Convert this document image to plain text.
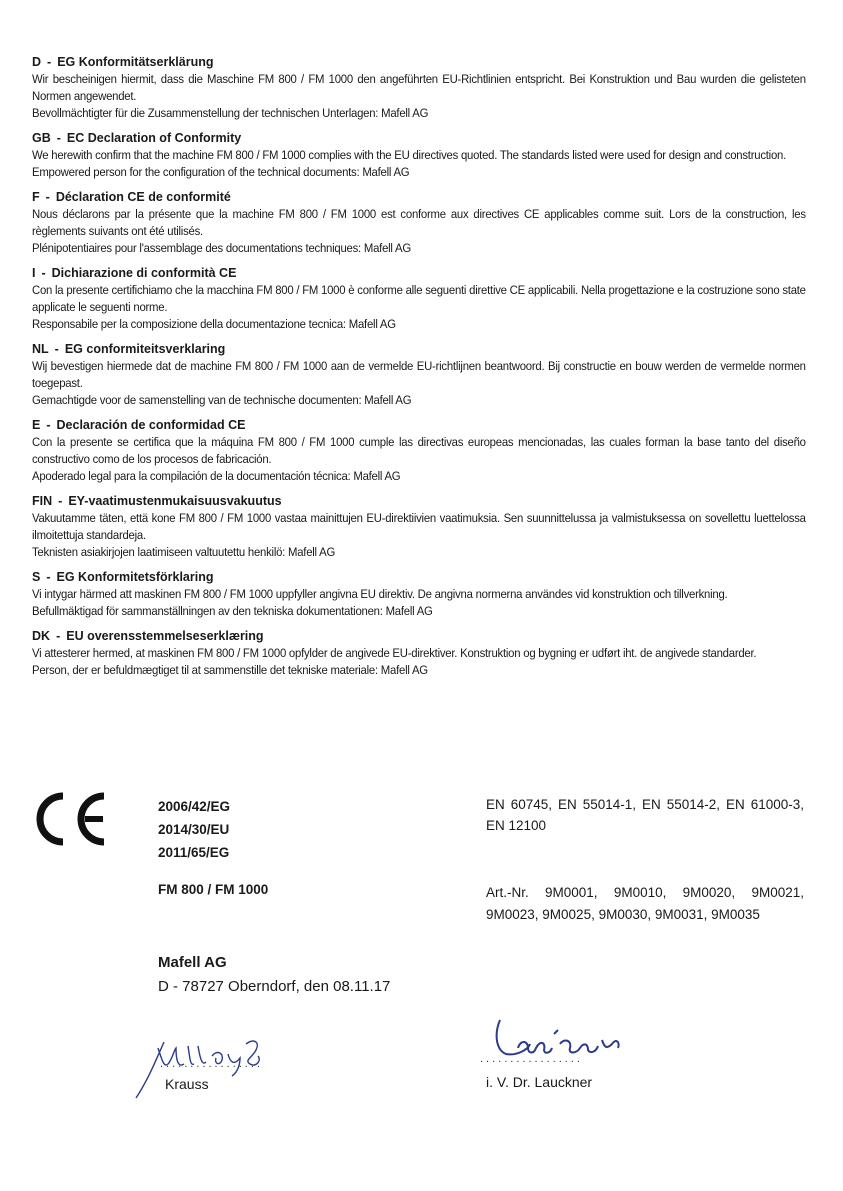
D - EG Konformitätserklärung

Wir bescheinigen hiermit, dass die Maschine FM 800 / FM 1000 den angeführten EU-Richtlinien entspricht. Bei Konstruktion und Bau wurden die gelisteten Normen angewendet.

Bevollmächtigter für die Zusammenstellung der technischen Unterlagen: Mafell AG

GB - EC Declaration of Conformity

We herewith confirm that the machine FM 800 / FM 1000 complies with the EU directives quoted. The standards listed were used for design and construction.

Empowered person for the configuration of the technical documents: Mafell AG

F - Déclaration CE de conformité

Nous déclarons par la présente que la machine FM 800 / FM 1000 est conforme aux directives CE applicables comme suit. Lors de la construction, les règlements suivants ont été utilisés.

Plénipotentiaires pour l'assemblage des documentations techniques: Mafell AG

I - Dichiarazione di conformità CE

Con la presente certifichiamo che la macchina FM 800 / FM 1000 è conforme alle seguenti direttive CE applicabili. Nella progettazione e la costruzione sono state applicate le seguenti norme.

Responsabile per la composizione della documentazione tecnica: Mafell AG

NL - EG conformiteitsverklaring

Wij bevestigen hiermede dat de machine FM 800 / FM 1000 aan de vermelde EU-richtlijnen beantwoord. Bij constructie en bouw werden de vermelde normen toegepast.

Gemachtigde voor de samenstelling van de technische documenten: Mafell AG

E - Declaración de conformidad CE

Con la presente se certifica que la máquina FM 800 / FM 1000 cumple las directivas europeas mencionadas, las cuales forman la base tanto del diseño constructivo como de los procesos de fabricación.

Apoderado legal para la compilación de la documentación técnica: Mafell AG

FIN - EY-vaatimustenmukaisuusvakuutus

Vakuutamme täten, että kone FM 800 / FM 1000 vastaa mainittujen EU-direktiivien vaatimuksia. Sen suunnittelussa ja valmistuksessa on sovellettu luettelossa ilmoitettuja standardeja.

Teknisten asiakirjojen laatimiseen valtuutettu henkilö: Mafell AG

S - EG Konformitetsförklaring

Vi intygar härmed att maskinen FM 800 / FM 1000 uppfyller angivna EU direktiv. De angivna normerna användes vid konstruktion och tillverkning.

Befullmäktigad för sammanställningen av den tekniska dokumentationen: Mafell AG

DK - EU overensstemmelseserklæring

Vi attesterer hermed, at maskinen FM 800 / FM 1000 opfylder de angivede EU-direktiver. Konstruktion og bygning er udført iht. de angivede standarder.

Person, der er befuldmægtiget til at sammenstille det tekniske materiale: Mafell AG

2006/42/EG
2014/30/EU
2011/65/EG
EN 60745, EN 55014-1, EN 55014-2, EN 61000-3, EN 12100
FM 800 / FM 1000	Art.-Nr. 9M0001, 9M0010, 9M0020, 9M0021, 9M0023, 9M0025, 9M0030, 9M0031, 9M0035
Mafell AG
D - 78727 Oberndorf, den 08.11.17
.................
Krauss
.................
i. V. Dr. Lauckner
